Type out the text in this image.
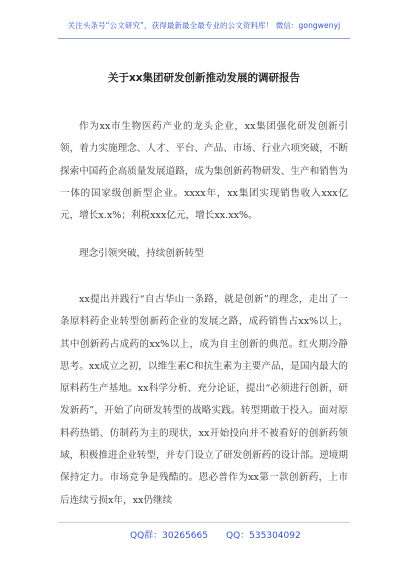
关注头条号“公文研究”，获得最新最全最专业的公文资料库！ 微信：gongwenyj
关于xx集团研发创新推动发展的调研报告

作为xx市生物医药产业的龙头企业，xx集团强化研发创新引领，着力实施理念、人才、平台、产品、市场、行业六项突破，不断探索中国药企高质量发展道路，成为集创新药物研发、生产和销售为一体的国家级创新型企业。xxxx年，xx集团实现销售收入xxx亿元，增长x.x%；利税xxx亿元，增长xx.xx%。

理念引领突破，持续创新转型

xx提出并践行“自古华山一条路，就是创新”的理念，走出了一条原料药企业转型创新药企业的发展之路，成药销售占xx%以上，其中创新药占成药的xx%以上，成为自主创新的典范。红火期冷静思考。xx成立之初，以维生素C和抗生素为主要产品，是国内最大的原料药生产基地。xx科学分析、充分论证，提出“必须进行创新，研发新药”，开始了向研发转型的战略实践。转型期敢于投入。面对原料药热销、仿制药为主的现状，xx开始投向并不被看好的创新药领域，积极推进企业转型，并专门设立了研发创新药的设计部。逆境期保持定力。市场竞争是残酷的。恩必普作为xx第一款创新药，上市后连续亏损x年，xx仍继续

QQ群：30265665 QQ：535304092
